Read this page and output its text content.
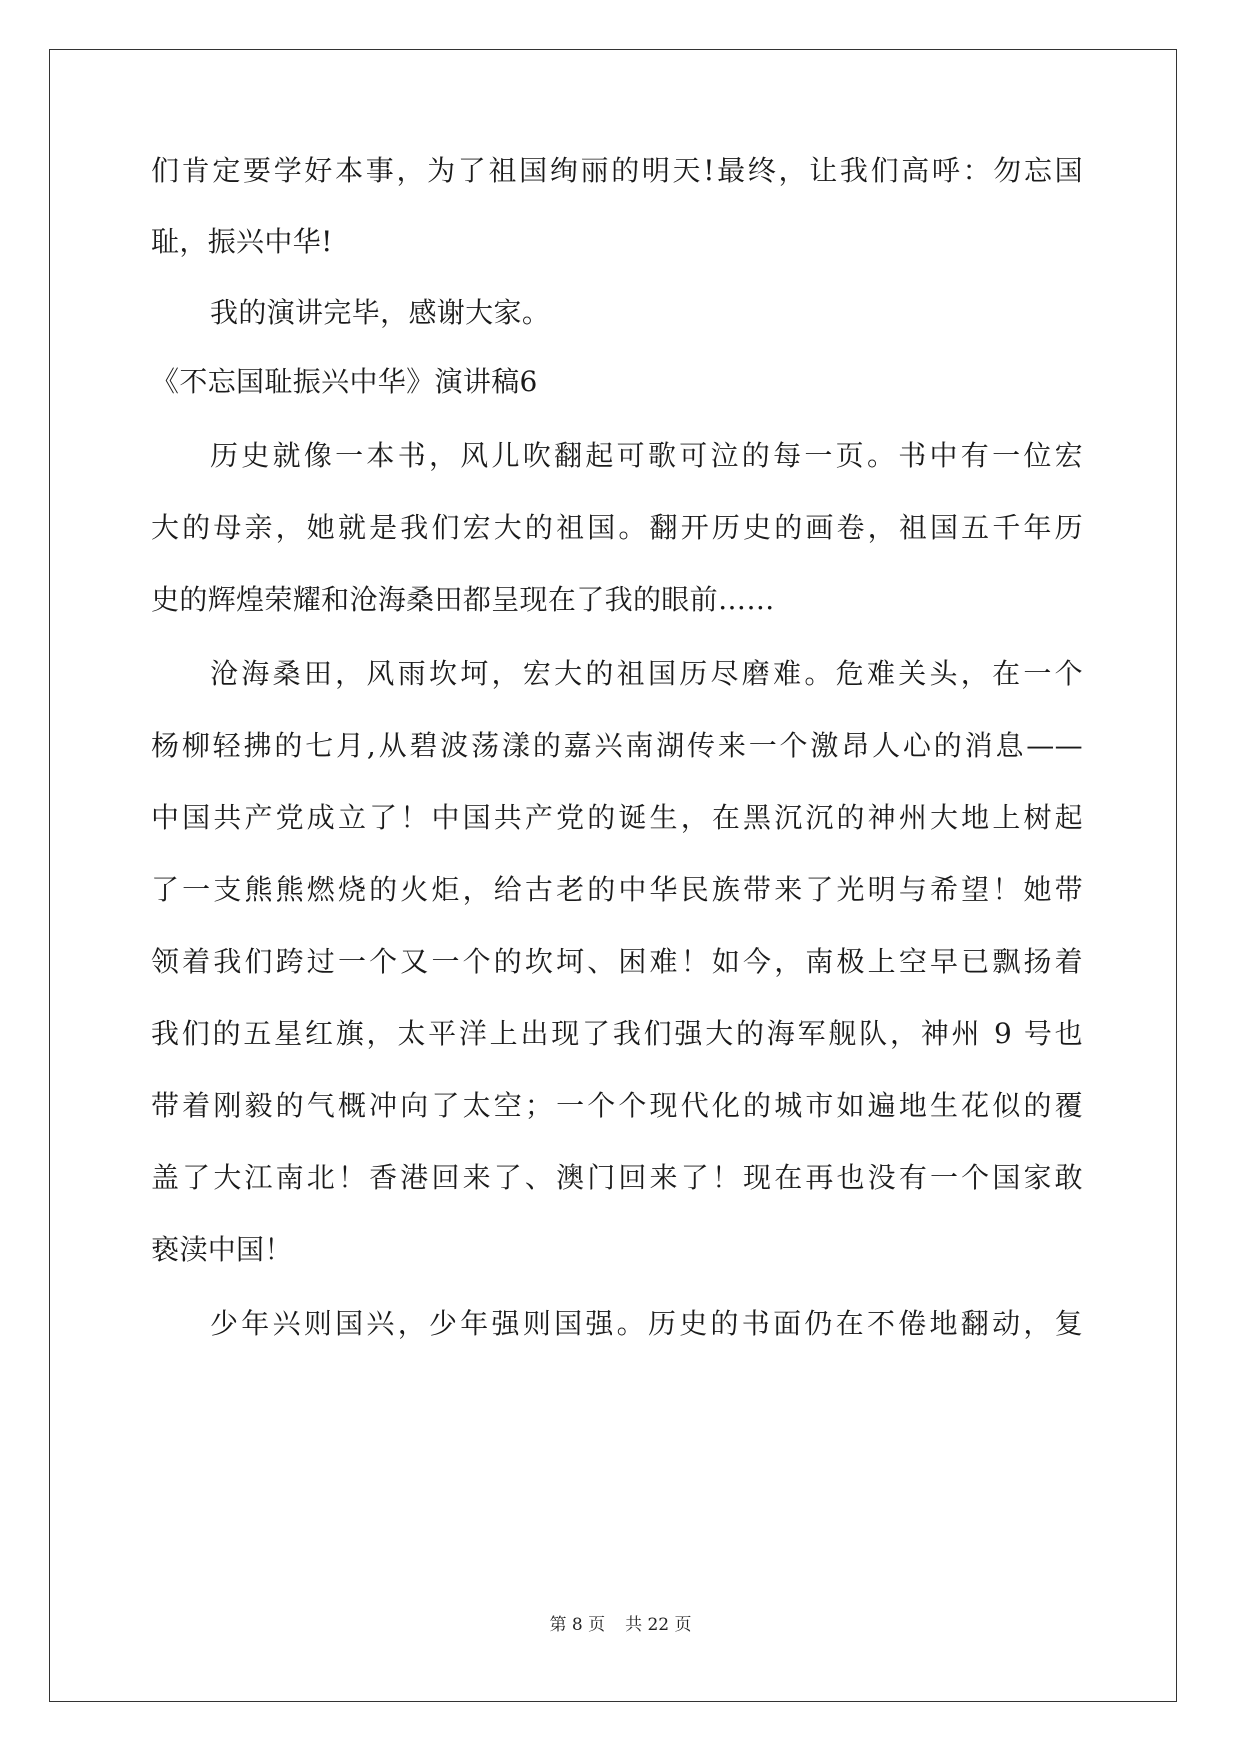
们肯定要学好本事，为了祖国绚丽的明天!最终，让我们高呼：勿忘国
耻，振兴中华!
我的演讲完毕，感谢大家。
《不忘国耻振兴中华》演讲稿6
历史就像一本书，风儿吹翻起可歌可泣的每一页。书中有一位宏
大的母亲，她就是我们宏大的祖国。翻开历史的画卷，祖国五千年历
史的辉煌荣耀和沧海桑田都呈现在了我的眼前……
沧海桑田，风雨坎坷，宏大的祖国历尽磨难。危难关头，在一个
杨柳轻拂的七月,从碧波荡漾的嘉兴南湖传来一个激昂人心的消息——
中国共产党成立了！中国共产党的诞生，在黑沉沉的神州大地上树起
了一支熊熊燃烧的火炬，给古老的中华民族带来了光明与希望！她带
领着我们跨过一个又一个的坎坷、困难！如今，南极上空早已飘扬着
我们的五星红旗，太平洋上出现了我们强大的海军舰队，神州 9 号也
带着刚毅的气概冲向了太空；一个个现代化的城市如遍地生花似的覆
盖了大江南北！香港回来了、澳门回来了！现在再也没有一个国家敢
亵渎中国！
少年兴则国兴，少年强则国强。历史的书面仍在不倦地翻动，复
第 8 页 共 22 页
